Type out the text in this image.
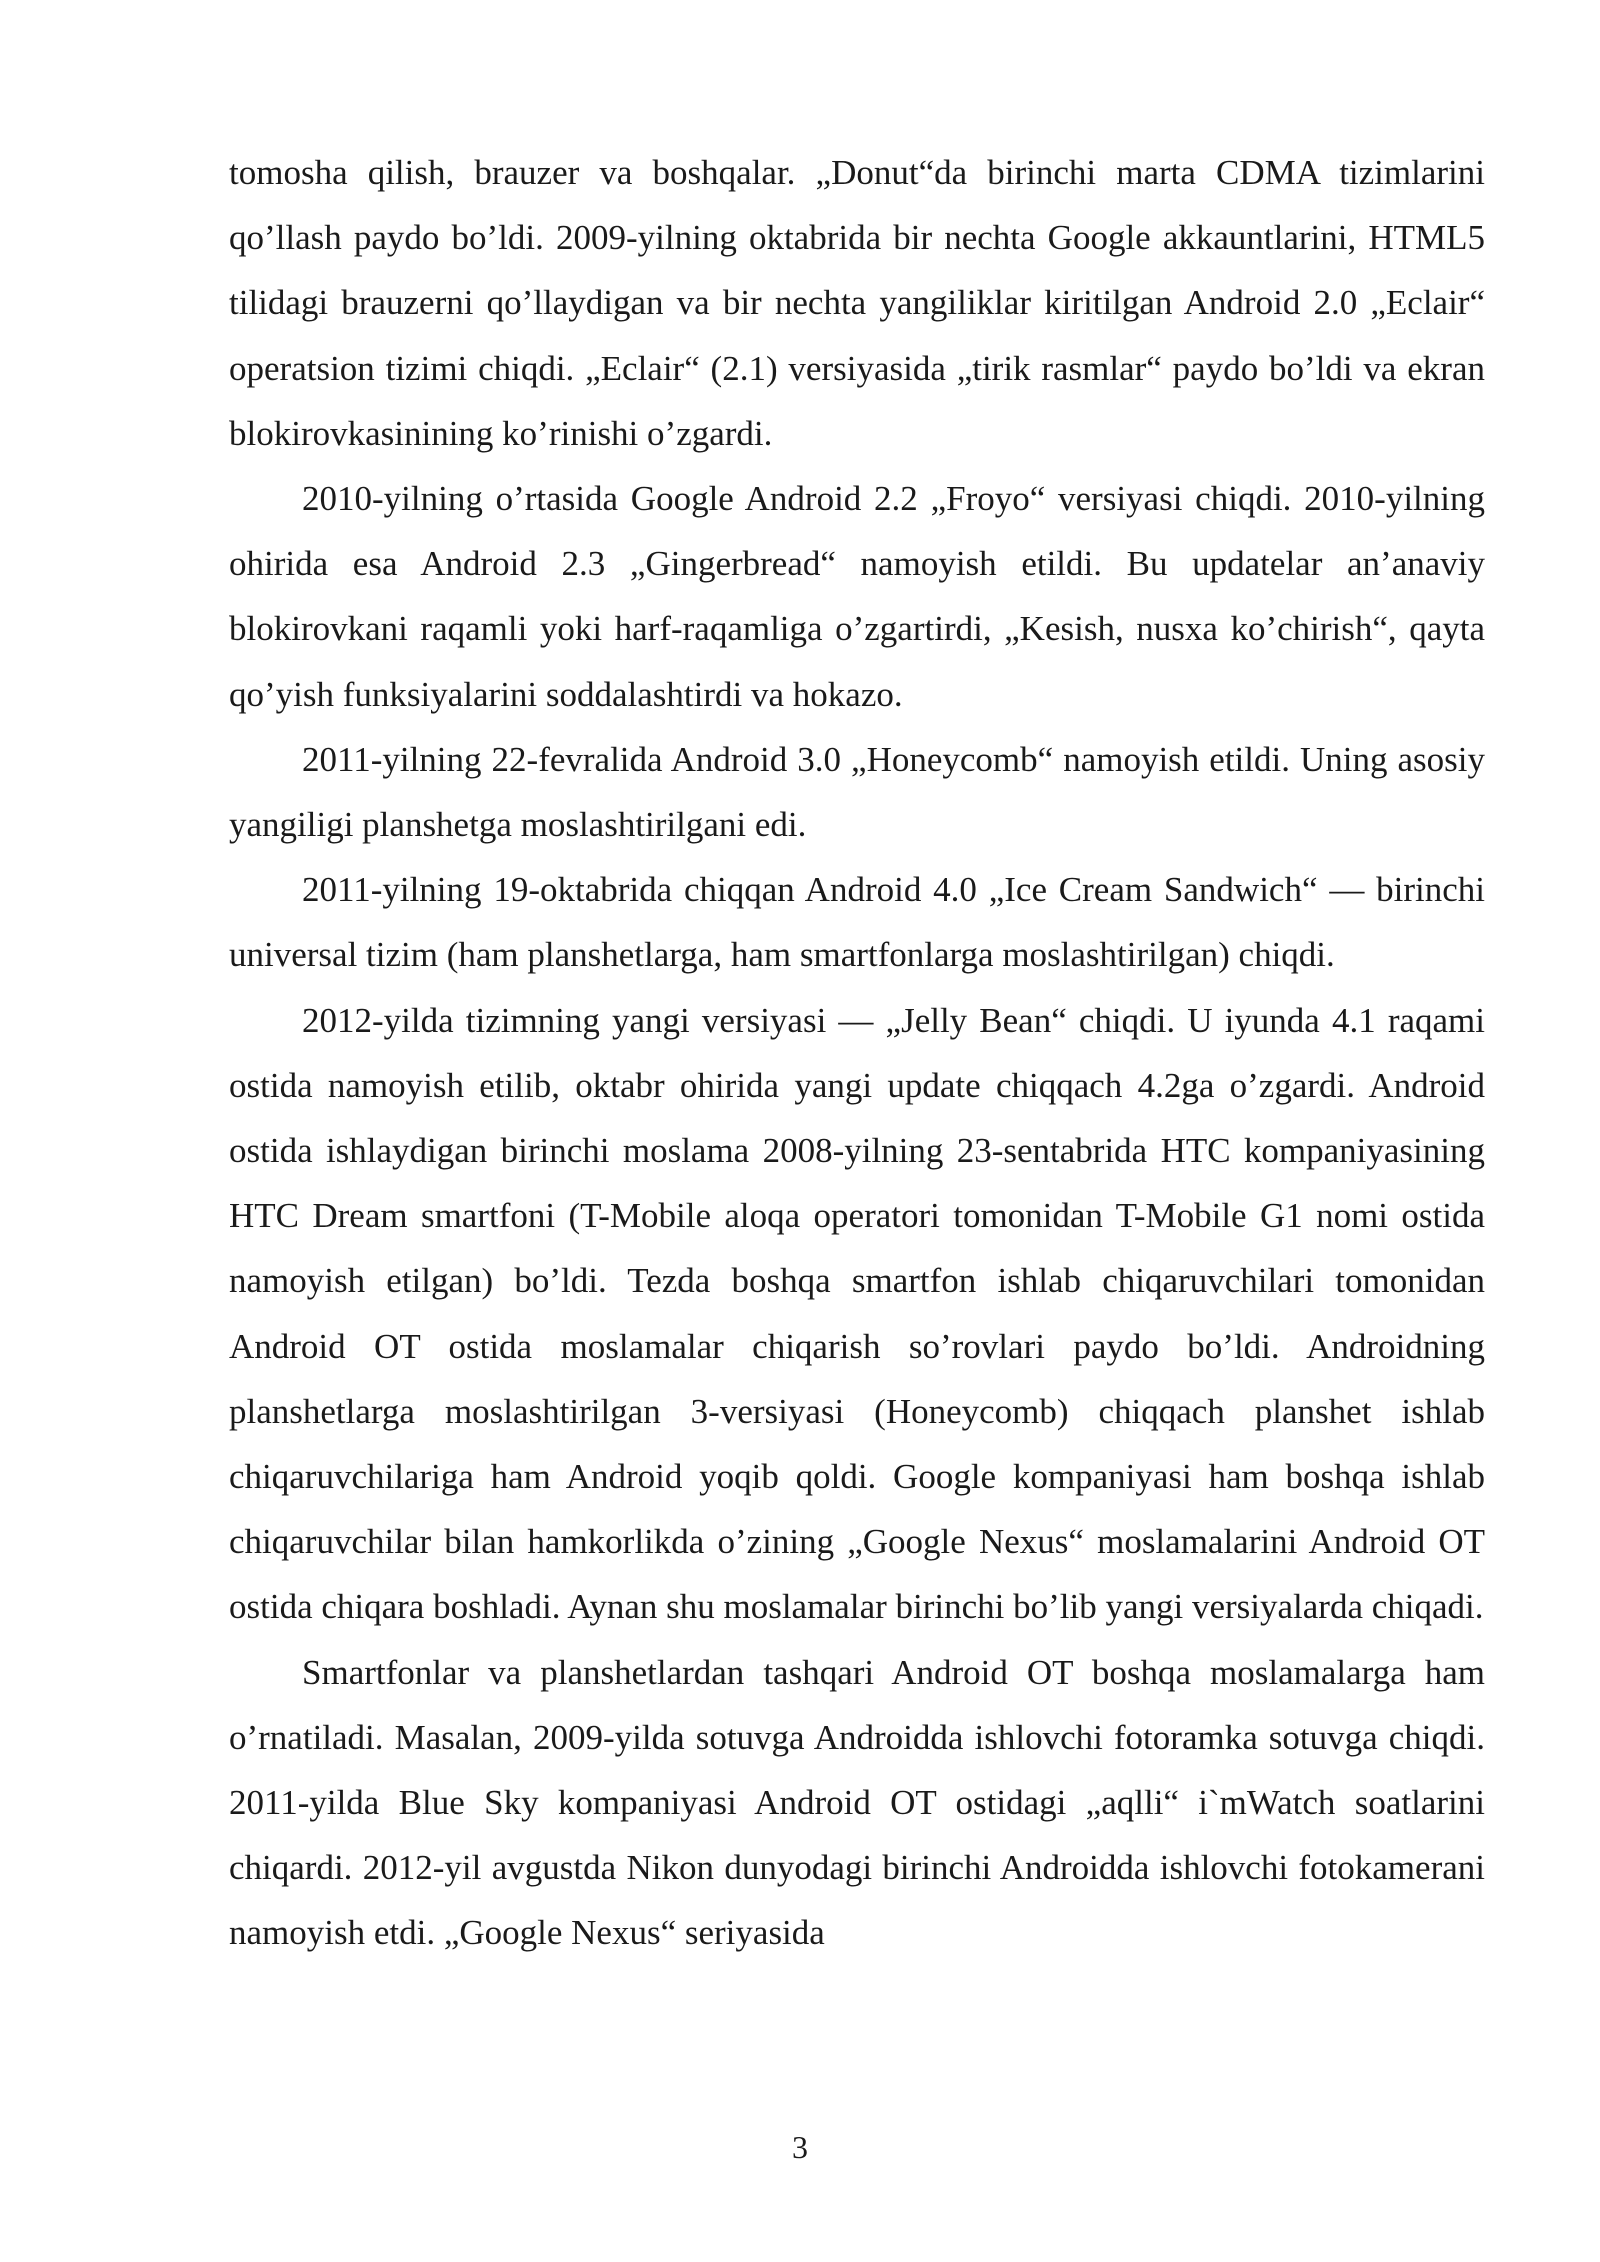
tomosha qilish, brauzer va boshqalar. „Donut“da birinchi marta CDMA tizimlarini qo’llash paydo bo’ldi. 2009-yilning oktabrida bir nechta Google akkauntlarini, HTML5 tilidagi brauzerni qo’llaydigan va bir nechta yangiliklar kiritilgan Android 2.0 „Eclair“ operatsion tizimi chiqdi. „Eclair“ (2.1) versiyasida „tirik rasmlar“ paydo bo’ldi va ekran blokirovkasinining ko’rinishi o’zgardi.

2010-yilning o’rtasida Google Android 2.2 „Froyo“ versiyasi chiqdi. 2010-yilning ohirida esa Android 2.3 „Gingerbread“ namoyish etildi. Bu updatelar an’anaviy blokirovkani raqamli yoki harf-raqamliga o’zgartirdi, „Kesish, nusxa ko’chirish“, qayta qo’yish funksiyalarini soddalashtirdi va hokazo.

2011-yilning 22-fevralida Android 3.0 „Honeycomb“ namoyish etildi. Uning asosiy yangiligi planshetga moslashtirilgani edi.

2011-yilning 19-oktabrida chiqqan Android 4.0 „Ice Cream Sandwich“ — birinchi universal tizim (ham planshetlarga, ham smartfonlarga moslashtirilgan) chiqdi.

2012-yilda tizimning yangi versiyasi — „Jelly Bean“ chiqdi. U iyunda 4.1 raqami ostida namoyish etilib, oktabr ohirida yangi update chiqqach 4.2ga o’zgardi. Android ostida ishlaydigan birinchi moslama 2008-yilning 23-sentabrida HTC kompaniyasining HTC Dream smartfoni (T-Mobile aloqa operatori tomonidan T-Mobile G1 nomi ostida namoyish etilgan) bo’ldi. Tezda boshqa smartfon ishlab chiqaruvchilari tomonidan Android OT ostida moslamalar chiqarish so’rovlari paydo bo’ldi. Androidning planshetlarga moslashtirilgan 3-versiyasi (Honeycomb) chiqqach planshet ishlab chiqaruvchilariga ham Android yoqib qoldi. Google kompaniyasi ham boshqa ishlab chiqaruvchilar bilan hamkorlikda o’zining „Google Nexus“ moslamalarini Android OT ostida chiqara boshladi. Aynan shu moslamalar birinchi bo’lib yangi versiyalarda chiqadi.

Smartfonlar va planshetlardan tashqari Android OT boshqa moslamalarga ham o’rnatiladi. Masalan, 2009-yilda sotuvga Androidda ishlovchi fotoramka sotuvga chiqdi. 2011-yilda Blue Sky kompaniyasi Android OT ostidagi „aqlli“ i`mWatch soatlarini chiqardi. 2012-yil avgustda Nikon dunyodagi birinchi Androidda ishlovchi fotokamerani namoyish etdi. „Google Nexus“ seriyasida

3
